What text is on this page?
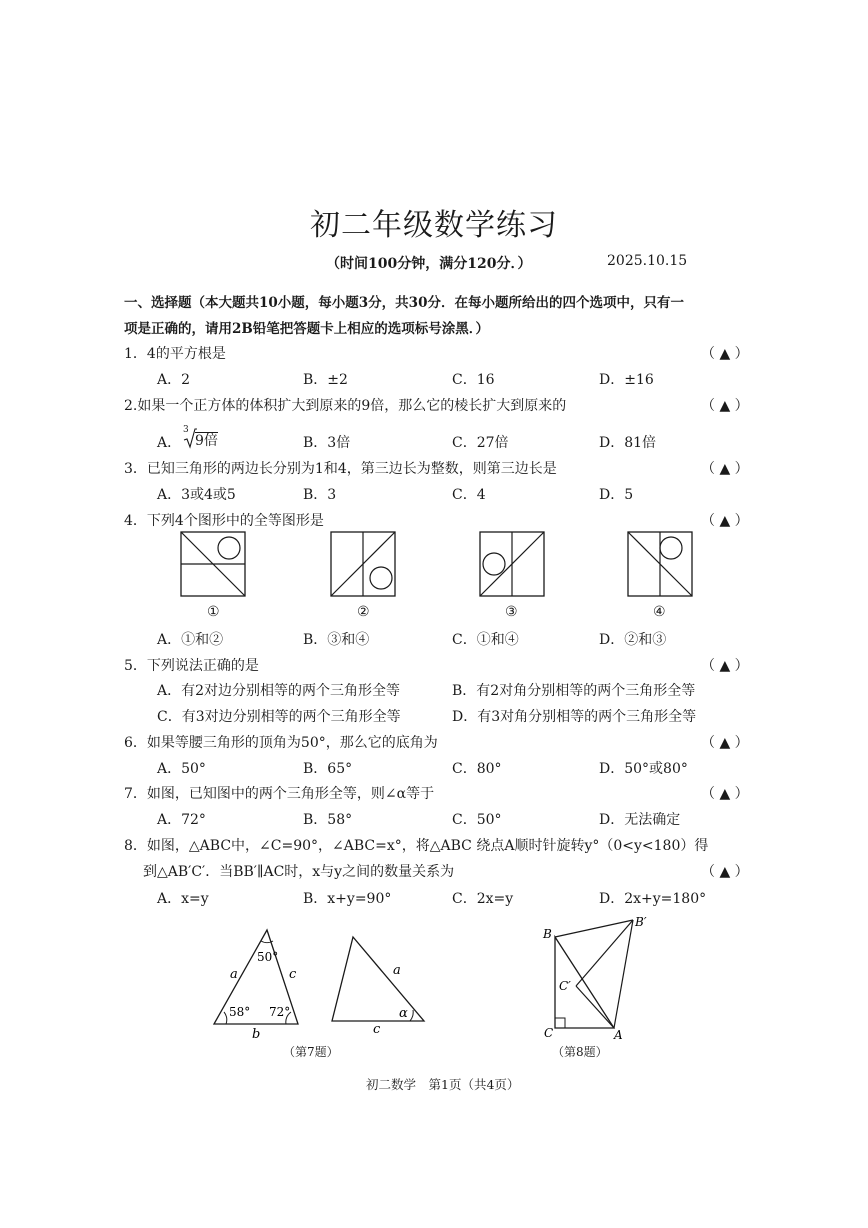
初二年级数学练习
（时间100分钟，满分120分．）	2025.10.15
一、选择题（本大题共10小题，每小题3分，共30分．在每小题所给出的四个选项中，只有一
项是正确的，请用2B铅笔把答题卡上相应的选项标号涂黑．）
1．4的平方根是	（ ▲ ）
A．2	B．±2	C．16	D．±16
2.如果一个正方体的体积扩大到原来的9倍，那么它的棱长扩大到原来的	（ ▲ ）
A．
3
9倍	B．3倍	C．27倍	D．81倍
3．已知三角形的两边长分别为1和4，第三边长为整数，则第三边长是	（ ▲ ）
A．3或4或5	B．3	C．4	D．5
4．下列4个图形中的全等图形是	（ ▲ ）
①	②	③	④
A．①和②	B．③和④	C．①和④	D．②和③
5．下列说法正确的是	（ ▲ ）
A．有2对边分别相等的两个三角形全等	B．有2对角分别相等的两个三角形全等
C．有3对边分别相等的两个三角形全等	D．有3对角分别相等的两个三角形全等
6．如果等腰三角形的顶角为50°，那么它的底角为	（ ▲ ）
A．50°	B．65°	C．80°	D．50°或80°
7．如图，已知图中的两个三角形全等，则∠α等于	（ ▲ ）
A．72°	B．58°	C．50°	D．无法确定
8．如图，△ABC中，∠C=90°，∠ABC=x°，将△ABC 绕点A顺时针旋转y°（0<y<180）得
到△AB′C′．当BB′∥AC时，x与y之间的数量关系为	（ ▲ ）
A．x=y	B．x+y=90°	C．2x=y	D．2x+y=180°
50°
58° 72°
a	c
b
a
c
α
（第7题）
B
B′
C′
C	A
（第8题）
初二数学　第1页（共4页）
